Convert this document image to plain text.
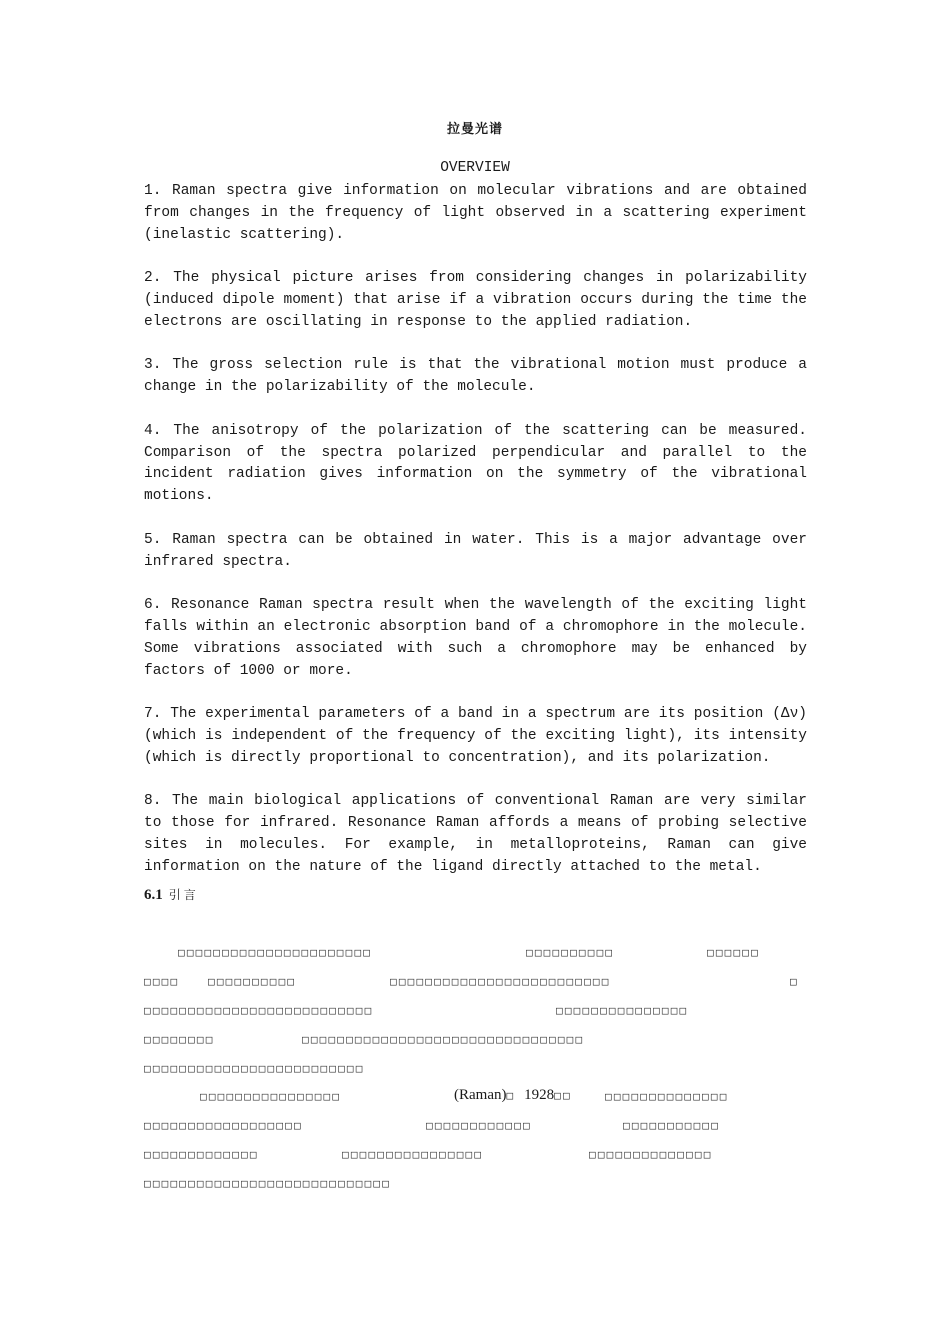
拉曼光谱
OVERVIEW

1. Raman spectra give information on molecular vibrations and are obtained from changes in the frequency of light observed in a scattering experiment (inelastic scattering).

2. The physical picture arises from considering changes in polarizability (induced dipole moment) that arise if a vibration occurs during the time the electrons are oscillating in response to the applied radiation.

3. The gross selection rule is that the vibrational motion must produce a change in the polarizability of the molecule.

4. The anisotropy of the polarization of the scattering can be measured. Comparison of the spectra polarized perpendicular and parallel to the incident radiation gives information on the symmetry of the vibrational motions.

5. Raman spectra can be obtained in water. This is a major advantage over infrared spectra.

6. Resonance Raman spectra result when the wavelength of the exciting light falls within an electronic absorption band of a chromophore in the molecule. Some vibrations associated with such a chromophore may be enhanced by factors of 1000 or more.

7. The experimental parameters of a band in a spectrum are its position (Δν) (which is independent of the frequency of the exciting light), its intensity (which is directly proportional to concentration), and its polarization.

8. The main biological applications of conventional Raman are very similar to those for infrared. Resonance Raman affords a means of probing selective sites in molecules. For example, in metalloproteins, Raman can give information on the nature of the ligand directly attached to the metal.

6.1 引言
□□□□□□□□□□□□□□□□□□□□□□	□□□□□□□□□□	□□□□□□
□□□□	□□□□□□□□□□	□□□□□□□□□□□□□□□□□□□□□□□□□	□
□□□□□□□□□□□□□□□□□□□□□□□□□□	□□□□□□□□□□□□□□□
□□□□□□□□	□□□□□□□□□□□□□□□□□□□□□□□□□□□□□□□□
□□□□□□□□□□□□□□□□□□□□□□□□□
□□□□□□□□□□□□□□□□	(Raman)□ 1928□□	□□□□□□□□□□□□□□
□□□□□□□□□□□□□□□□□□	□□□□□□□□□□□□	□□□□□□□□□□□
□□□□□□□□□□□□□	□□□□□□□□□□□□□□□□	□□□□□□□□□□□□□□
□□□□□□□□□□□□□□□□□□□□□□□□□□□□
